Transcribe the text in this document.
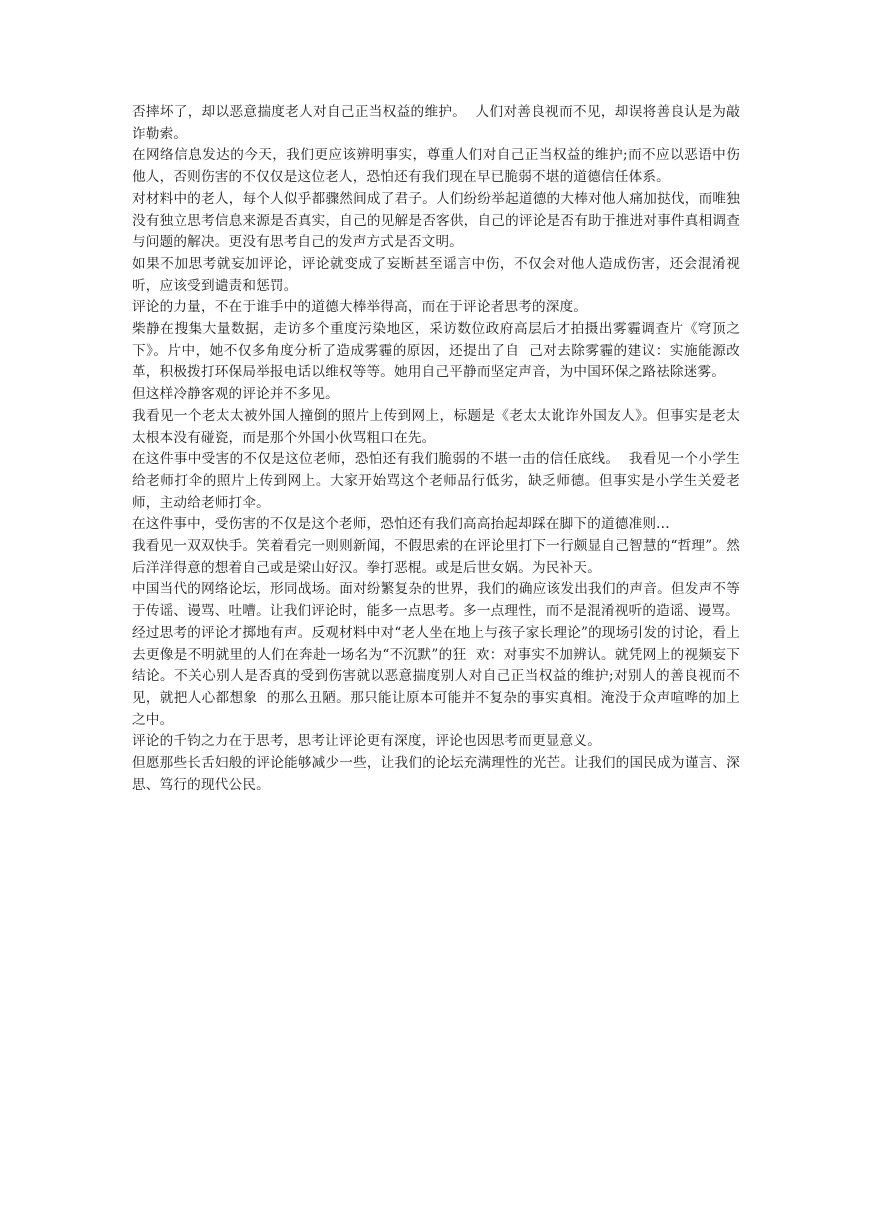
否摔坏了，却以恶意揣度老人对自己正当权益的维护。  人们对善良视而不见，却误将善良认是为敲诈勒索。

在网络信息发达的今天，我们更应该辨明事实，尊重人们对自己正当权益的维护;而不应以恶语中伤他人，否则伤害的不仅仅是这位老人，恐怕还有我们现在早已脆弱不堪的道德信任体系。

对材料中的老人，每个人似乎都骤然间成了君子。人们纷纷举起道德的大棒对他人痛加挞伐，而唯独没有独立思考信息来源是否真实，自己的见解是否客供，自己的评论是否有助于推进对事件真相调查与问题的解决。更没有思考自己的发声方式是否文明。

如果不加思考就妄加评论，评论就变成了妄断甚至谣言中伤，不仅会对他人造成伤害，还会混淆视听，应该受到谴责和惩罚。

评论的力量，不在于谁手中的道德大棒举得高，而在于评论者思考的深度。

柴静在搜集大量数据，走访多个重度污染地区，采访数位政府高层后才拍摄出雾霾调查片《穹顶之下》。片中，她不仅多角度分析了造成雾霾的原因，还提出了自  己对去除雾霾的建议：实施能源改革，积极拨打环保局举报电话以维权等等。她用自己平静而坚定声音，为中国环保之路祛除迷雾。

但这样冷静客观的评论并不多见。

我看见一个老太太被外国人撞倒的照片上传到网上，标题是《老太太讹诈外国友人》。但事实是老太太根本没有碰瓷，而是那个外国小伙骂粗口在先。

在这件事中受害的不仅是这位老师，恐怕还有我们脆弱的不堪一击的信任底线。  我看见一个小学生给老师打伞的照片上传到网上。大家开始骂这个老师品行低劣，缺乏师德。但事实是小学生关爱老师，主动给老师打伞。

在这件事中，受伤害的不仅是这个老师，恐怕还有我们高高抬起却踩在脚下的道德准则...

我看见一双双快手。笑着看完一则则新闻，不假思索的在评论里打下一行颇显自己智慧的“哲理”。然后洋洋得意的想着自己或是梁山好汉。拳打恶棍。或是后世女娲。为民补天。

中国当代的网络论坛，形同战场。面对纷繁复杂的世界，我们的确应该发出我们的声音。但发声不等于传谣、谩骂、吐嘈。让我们评论时，能多一点思考。多一点理性，而不是混淆视听的造谣、谩骂。

经过思考的评论才掷地有声。反观材料中对“老人坐在地上与孩子家长理论”的现场引发的讨论，看上去更像是不明就里的人们在奔赴一场名为“不沉默”的狂  欢：对事实不加辨认。就凭网上的视频妄下结论。不关心别人是否真的受到伤害就以恶意揣度别人对自己正当权益的维护;对别人的善良视而不见，就把人心都想象  的那么丑陋。那只能让原本可能并不复杂的事实真相。淹没于众声喧哗的加上之中。

评论的千钧之力在于思考，思考让评论更有深度，评论也因思考而更显意义。

但愿那些长舌妇般的评论能够减少一些，让我们的论坛充满理性的光芒。让我们的国民成为谨言、深思、笃行的现代公民。
